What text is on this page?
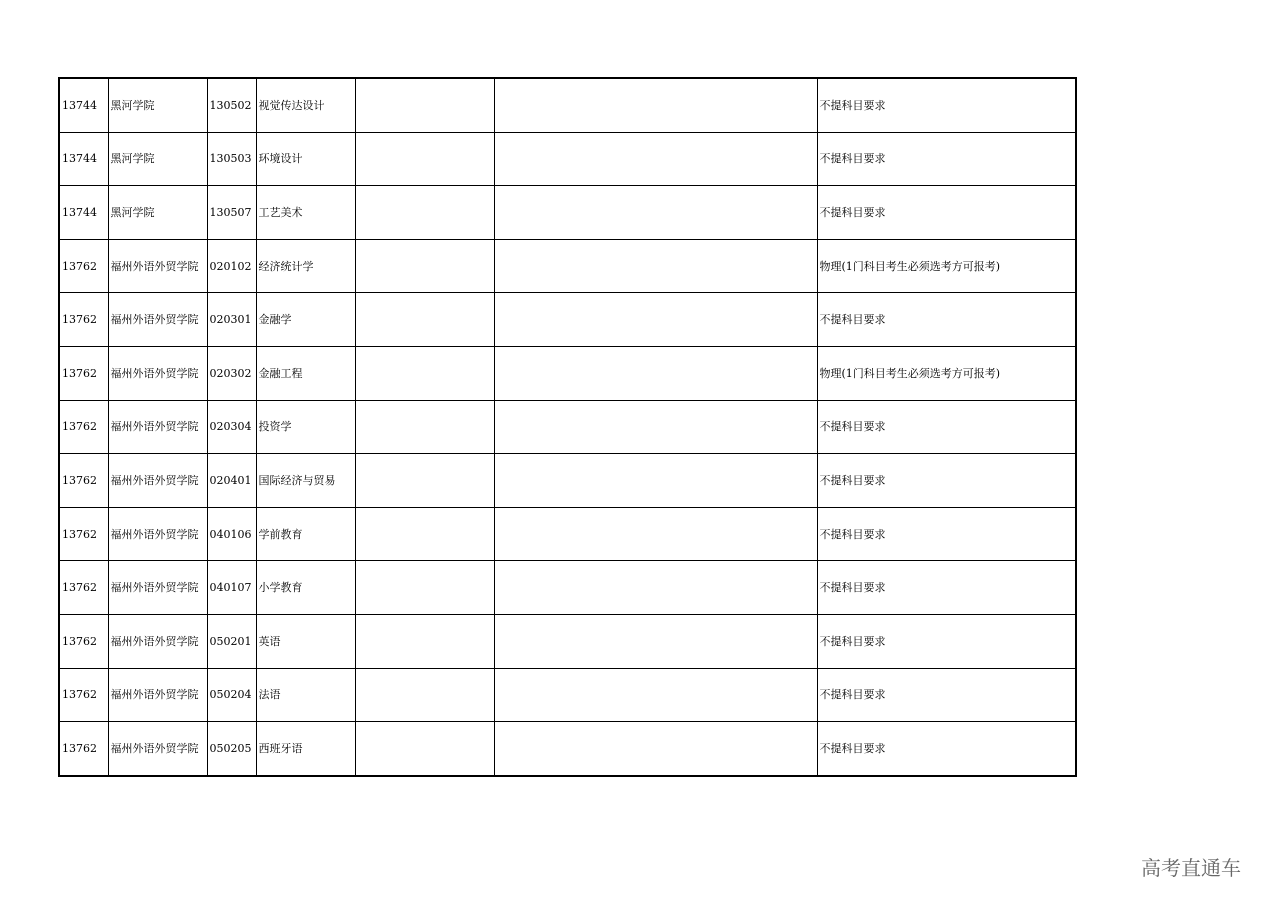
13744	黑河学院	130502	视觉传达设计			不提科目要求
13744	黑河学院	130503	环境设计			不提科目要求
13744	黑河学院	130507	工艺美术			不提科目要求
13762	福州外语外贸学院	020102	经济统计学			物理(1门科目考生必须选考方可报考)
13762	福州外语外贸学院	020301	金融学			不提科目要求
13762	福州外语外贸学院	020302	金融工程			物理(1门科目考生必须选考方可报考)
13762	福州外语外贸学院	020304	投资学			不提科目要求
13762	福州外语外贸学院	020401	国际经济与贸易			不提科目要求
13762	福州外语外贸学院	040106	学前教育			不提科目要求
13762	福州外语外贸学院	040107	小学教育			不提科目要求
13762	福州外语外贸学院	050201	英语			不提科目要求
13762	福州外语外贸学院	050204	法语			不提科目要求
13762	福州外语外贸学院	050205	西班牙语			不提科目要求
高考直通车
